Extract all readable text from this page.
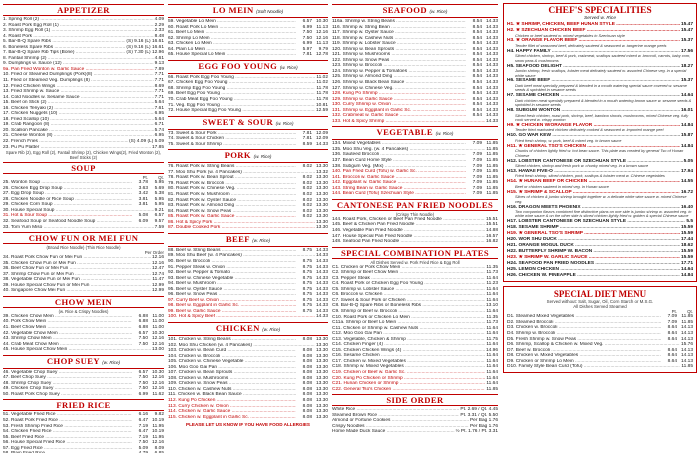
APPETIZER
1. Spring Roll (2) .....	4.09
2. Roast Pork Egg Roll (1) .....	2.29
3. Shrimp Egg Roll (1) .....	2.33
4. Roast Pork .....	8.48
5. Bar-B-Q Spare Ribs .....	(S) 9.16 (L) 16.61
6. Boneless Spare Ribs .....	(S) 9.16 (L) 16.61
7. Bar-B-Q Spare Rib Tips (Bone) .....	(S) 7.30 (L) 12.96
8. Fantail Shrimp (2) .....	4.61
9. Dumplings w. Sauce (12) .....	9.13
9a. Pan Fried Wonton w. Garlic Sauce .....	7.89
10. Fried or Steamed Dumplings (Pork)(8) .....	7.71
11. Fried or Steamed Veg. Dumplings (8) .....	7.71
12. Fried Chicken Wings .....	8.69
13. Fried Shrimp w. Sauce .....	7.71
14. Cold Noodles w. Sesame Sauce .....	7.71
15. Beef on Stick (2) .....	5.64
16. Chicken Teriyaki (2) .....	7.61
17. Chicken Nuggets (10) .....	6.95
18. Fried Scallop (10) .....	5.64
19. Crab Rangoon (8) .....	6.71
20. Scallion Pancake .....	5.74
21. Cheese Wonton (8) .....	6.95
22. French Fries .....	(S) 4.09 (L) 5.09
23. Pu Pu Platter .....	17.85
Spare Rib (2), Egg Roll (2), Fantail Shrimp (2), Chicken Wings(2), Fried Wonton (2), Beef Sticks (2)
SOUP
Pt.	Qt.
25. Wonton Soup .....	3.78	5.95
26. Chicken Egg Drop Soup .....	3.63	5.69
27. Egg Drop Soup .....	3.42	5.38
28. Chicken Noodle or Rice Soup .....	3.81	5.95
29. Chicken Corn Soup .....	3.81	5.95
30. House Special Soup .....	9.21
31. Hot & Sour Soup .....	5.08	6.57
32. Seafood Soup or Seafood Noodle Soup .....	6.09	9.57
33. Tom Yum Miso .....	7.59
CHOW FUN OR MEI FUN
(Broad Rice Noodle) (Thin Rice Noodle)
Per Order
34. Roast Pork Chow Fun or Mei Fun .....	12.16
35. Chicken Chow Fun or Mei Fun .....	12.16
36. Beef Chow Fun or Mei Fun .....	12.47
37. Shrimp Chow Fun or Mei Fun .....	12.74
38. Vegetable Chow Fun or Mei Fun .....	11.47
39. House Special Chow Fun or Mei Fun .....	12.99
40. Singapore Chow Mei Fun .....	12.99
CHOW MEIN
(w. Rice & Crispy Noodles)
39. Chicken Chow Mein .....	6.88 11.00
40. Pork Chow Mein .....	6.88 11.00
41. Beef Chow Mein .....	6.88 11.00
42. Vegetable Chow Mein .....	6.57 10.30
43. Shrimp Chow Mein .....	7.50 12.16
44. Crab Meat Chow Mein .....	7.50 12.16
45. House Special Chow Mein .....	13.00
CHOP SUEY (w. Rice)
46. Vegetable Chop Suey .....	6.57 10.30
47. Beef Chop Suey .....	7.50 12.16
48. Shrimp Chop Suey .....	7.50 12.16
49. Chicken Chop Suey .....	7.50 12.16
50. Roast Pork Chop Suey .....	6.99 11.62
FRIED RICE
51. Vegetable Fried Rice .....	6.16	9.82
52. Roast Pork Fried Rice .....	6.47 10.19
53. Fresh Shrimp Fried Rice .....	7.19 11.95
54. Chicken Fried Rice .....	6.47 10.19
55. Beef Fried Rice .....	7.19 11.95
56. House Special Fried Rice .....	7.50 12.16
57. Egg Fried Rice .....	5.09	8.09
.....
LO MEIN (Soft Noodle)
59. Vegetable Lo Mein .....	6.57 10.30
60. Roast Pork Lo Mein .....	6.99 11.13
61. Beef Lo Mein .....	7.50 12.16
62. Shrimp Lo Mein .....	7.50 12.16
63. Chicken Lo Mein .....	6.99 11.13
64. Plain Lo Mein .....	5.97	9.79
65. House Special Lo Mein .....	7.81 12.78
EGG FOO YOUNG (w. Rice)
66. Roast Pork Egg Foo Young .....	11.02
67. Chicken Egg Foo Young .....	11.02
68. Shrimp Egg Foo Young .....	11.78
69. Beef Egg Foo Young .....	11.78
70. Crab Meat Egg Foo Young .....	11.78
71. Veg. Egg Foo Young .....	10.81
72. House Special Egg Foo Young .....	12.59
SWEET & SOUR (w. Rice)
73. Sweet & Sour Pork .....	7.81 12.09
74. Sweet & Sour Chicken .....	7.81 12.09
75. Sweet & Sour Shrimp .....	8.59 14.33
PORK (w. Rice)
76. Roast Pork w. String Beans .....	8.02 13.30
77. Moo Shu Pork (w. 4 Pancakes) .....	13.32
78. Roast Pork w. Bean Sprout .....	8.02 13.30
79. Roast Pork w. Broccoli .....	8.02 13.30
80. Roast Pork w. Chinese Veg. .....	8.02 13.30
81. Roast Pork w. Mushroom .....	8.02 13.30
82. Roast Pork w. Oyster Sauce .....	8.02 13.30
83. Roast Pork w. Almond Ding .....	8.02 13.30
84. Roast Pork w. Snow Peas .....	8.02 13.30
85. Roast Pork w. Garlic Sauce .....	8.02 13.30
86. Hot & Spicy Pork .....	13.30
87. Double Cooked Pork .....	13.30
BEEF (w. Rice)
88. Beef w. String Beans .....	8.75 14.33
89. Moo Shu Beef (w. 4 Pancakes) .....	14.33
90. Beef w. Broccoli .....	8.75 14.33
91. Pepper Steak w. Onion .....	8.75 14.33
92. Beef w. Pepper & Tomato .....	8.75 14.33
93. Beef w. Chinese Vegetable .....	8.75 14.33
94. Beef w. Mushroom .....	8.75 14.33
95. Beef w. Oyster Sauce .....	8.75 14.33
96. Beef w. Snow Peas .....	8.75 14.33
97. Curry Beef w. Onion .....	8.75 14.33
98. Beef w. Eggplant in Garlic Sc. .....	8.75 14.33
99. Beef w. Garlic Sauce .....	8.75 14.33
100. Hot & Spicy Beef .....	14.33
CHICKEN (w. Rice)
101. Chicken w. String Beans .....	8.08 13.30
102. Moo Shu Chicken (w. 4 Pancakes) .....	13.30
103. Chicken w. Bean Curd .....	8.08 13.30
104. Chicken w. Broccoli .....	8.08 13.30
105. Chicken w. Chinese Vegetable .....	8.08 13.30
106. Moo Goo Gai Pan .....	8.08 13.30
107. Chicken w. Bean Sprouts .....	8.08 13.30
108. Chicken w. Mushrooms .....	8.08 13.30
109. Chicken w. Snow Peas .....	8.08 13.30
110. Chicken w. Cashew Nuts .....	8.08 13.30
111. Chicken w. Black Bean Sauce .....	8.08 13.30
112. Kung Po Chicken .....	8.08 13.30
113. Curry Chicken w. Onion .....	8.08 13.30
114. Chicken w. Garlic Sauce .....	8.08 13.30
115. Chicken w. Eggplant in Garlic Sc. .....	8.08 13.30
PLEASE LET US KNOW IF YOU HAVE FOOD ALLERGIES
SEAFOOD (w. Rice)
116a. Shrimp w. String Beans .....	8.54 14.33
116. Shrimp w. String Bean .....	8.54 14.33
117. Shrimp w. Oyster Sauce .....	8.54 14.33
118. Shrimp w. Cashew Nuts .....	8.54 14.33
119. Shrimp w. Lobster Sauce .....	8.54 14.33
120. Shrimp w. Bean Sprouts .....	8.54 14.33
121. Shrimp w. Mushrooms .....	8.54 14.33
122. Shrimp w. Snow Peas .....	8.54 14.33
123. Shrimp w. Broccoli .....	8.54 14.33
124. Shrimp w. Pepper & Tomatoes .....	8.54 14.33
125. Shrimp w. Almond Ding .....	8.54 14.33
126. Shrimp w. Black Bean Sauce .....	8.54 14.33
127. Shrimp w. Chinese Veg. .....	8.54 14.33
128. Kung Po Shrimp .....	8.54 14.33
129. Shrimp w. Garlic Sauce .....	8.54 14.33
130. Curry Shrimp w. Onion .....	8.54 14.33
131. Shrimp w. Eggplant in Garlic Sc. .....	8.54 14.33
132. Crabmeat w. Garlic Sauce .....	8.54 14.33
133. Hot & Spicy Shrimp .....	14.33
VEGETABLE (w. Rice)
134. Mixed Vegetables .....	7.09 11.85
135. Moo Shu Veg. (w. 4 Pancakes) .....	11.85
136. Sauteed Broccoli .....	7.09 11.85
137. Bean Curd Home Style .....	7.09 11.85
138. Subgum Veg. (Mix) .....	7.09 11.85
140. Pan Fried Curd (Tofu) w. Garlic Sc. .....	7.09 11.85
141. Broccoli w. Garlic Sauce .....	7.09 11.85
142. Eggplant w. Garlic Sauce .....	7.09 11.85
143. String Bean w. Garlic Sauce .....	7.09 11.85
144. Bean Curd (Tofu) Szechuan Style .....	7.09 11.85
CANTONESE PAN FRIED NOODLES
(Crispy Thin Noodle)
144. Roast Pork, Chicken or Beef Pan Fried Noodle .....	15.51
145. Beef & Chicken Pan Fried Noodle .....	15.51
146. Vegetable Pan Fried Noodle .....	14.88
147. House Special Pan Fried Noodle .....	16.57
148. Seafood Pan Fried Noodle .....	16.82
SPECIAL COMBINATION PLATES
All Dishes Served w. Pork Fried Rice & Egg Roll
C1. Chicken or Pork Chow Mein .....	11.35
C2. Shrimp or Beef Chow Mein .....	11.73
C3. Pepper Steak .....	11.64
C4. Roast Pork or Chicken Egg Foo Young .....	11.23
C5. Shrimp w. Lobster Sauce .....	11.64
C6. Broccoli w. Chicken .....	11.64
C7. Sweet & Sour Pork or Chicken .....	11.64
C8. Bar-B-Q Spare Ribs or Boneless Ribs .....	13.10
C9. Shrimp or Beef w. Broccoli .....	11.64
C10. Roast Pork or Chicken Lo Mein .....	11.35
C11a. Shrimp or Beef Lo Mein .....	11.73
C11. Chicken or Shrimp w. Cashew Nuts .....	11.64
C12. Moo Goo Gai Pan .....	11.64
C13. Vegetable, Chicken & Shrimp .....	11.75
C14. Chicken Finger (4) .....	11.64
C15. Chicken Chicken Wings (4) .....	14.96
C16. Sesame Chicken .....	11.64
C17. Chicken w. Mixed Vegetables .....	11.64
C18. Shrimp w. Mixed Vegetables .....	11.64
C19. Chicken or Beef w. Garlic Sc. .....	11.64
C20. Kung Po Chicken or Shrimp .....	11.64
C21. Hunan Chicken or Shrimp .....	11.64
C22. General Tso's Chicken .....	11.85
SIDE ORDER
White Rice .....	Pt. 2.69 / Qt. 4.45
Steamed Brown Rice .....	Pt. 3.31 / Qt. 5.50
Almond or Fortune Cookies .....	Per Bag 1.76
Crispy Noodles .....	Per Bag 1.76
Home Made Duck Sauce .....	½ Pt. 1.76 / Pt. 3.31
CHEF'S SPECIALITIES
Served w. Rice
H1. ★ SHRIMP, CHICKEN, BEEF HUNAN STYLE .....	15.47
H2. ★ SZECHUAN CHICKEN BEEF .....	15.47
Chicken or beef sauteed w. mixed vegetables in Szechuan style
H3. ★ ORANGE FLAVOR BEEF .....	15.37
Tender fillet of seasoned beef, delicately sauteed & seasoned w. tangerine orange peels
H4. HAPPY FAMILY .....	17.56
Sliced chicken, shrimp, beef & pork, crabmeat, scallops sauteed mixed w. broccoli, carrots, baby corn, snow peas & mushrooms
H5. SEAFOOD DELIGHT .....	18.27
Jumbo shrimp, fresh scallops, lobster meat delicately sauteed w. assorted Chinese veg. in a special white sauce
H6. SESAME BEEF .....	15.37
Dark beef meat specially prepared & blended in a mouth watering special sauce covered w. sesame seeds & sprinkled in sesame seeds
H7. SESAME CHICKEN .....	14.64
Dark chicken meat specially prepared & blended in a mouth watering brown sauce w. sesame seeds & sprinkled in sesame seeds
H8. SUBGUM WONTON .....	16.01
Sliced fresh chicken, roast pork, shrimp, beef, bamboo shoots, mushrooms, mixed Chinese veg. fully cook served w. crispy wonton
H9. ★ CHICKEN W/ORANGE FLAVOR .....	14.84
Tender fried marinated chicken delicately cooked & seasoned w. imported orange peel
H10. GO WAR KEW .....	15.87
Fried fresh shrimp, w. pork, beef & mixed veg. in brown sauce
H11. ★ GENERAL TSO'S CHICKEN .....	14.84
Chunks of chicken lightly fried w. hot bean sauce. This plate was created by general Tso of Hunan Chinese
H12. LOBSTER CANTONESE OR SZECHUAN STYLE .....	5.05
Sliced chicken, shrimp and fresh pork w. chunky mixed veg. in a brown sauce
H13. HAWAII FIVE-O .....	17.94
Fried fresh shrimp, sliced chicken, pork, scallops & lobster meat w. Chinese vegetables
H14. ★ HUNAN BEEF OR CHICKEN .....	14.55
Beef or chicken sauteed in mixed veg. in Hunan sauce
H15. ★ SHRIMP & SCALLOP .....	16.72
Slices of chicken & jumbo shrimp brought together w. a delicate white wine sauce w. mixed Chinese veg.
H16. DRAGON MEETS PHOENIX .....	16.40
Two companion flavors combined fine distinctive plans on one side is jumbo shrimp w. assorted veg. in white wine sauce & on the other side is sliced chicken lightly fried w. golden & special Chinese sauce
H17. LOBSTER CANTONESE OR SZECHUAN STYLE .....	5.5
H18. SESAME SHRIMP .....	15.59
H19. ★ GENERAL TSO'S SHRIMP .....	15.59
H20. WOR SHU DUCK .....	17.44
H21. ORANGE MOGUL DUCK .....	18.62
H22. BUTTERFLY SHRIMP W. BACON .....	15.59
H23. ★ SHRIMP W. GARLIC SAUCE .....	15.59
H24. SEAFOOD PAN FRIED NOODLES .....	17.71
H25. LEMON CHICKEN .....	14.64
H26. CHICKEN W. PINEAPPLE .....	14.84
SPECIAL DIET MENU
Served without: Salt, Sugar, Oil, Corn Starch or M.S.G.
All Dishes Served Steamed
Pt.	Qt.
D1. Steamed Mixed Vegetables .....	7.09 11.85
D2. Steamed Broccoli .....	7.09 11.85
D3. Chicken w. Broccoli .....	8.64 14.13
D4. Shrimp w. Broccoli .....	8.64 14.13
D5. Fresh Shrimp w. Snow Peas .....	8.64 14.13
D6. Shrimp, Scallop & Chicken w. Mixed Veg. .....	15.76
D7. Beef w. Broccoli .....	8.64 14.13
D8. Chicken w. Mixed Vegetables .....	8.64 14.13
D9. Chicken or Shrimp Lo Mein .....	8.64 14.13
D10. Family Style Bean Curd (Tofu) .....	11.85
